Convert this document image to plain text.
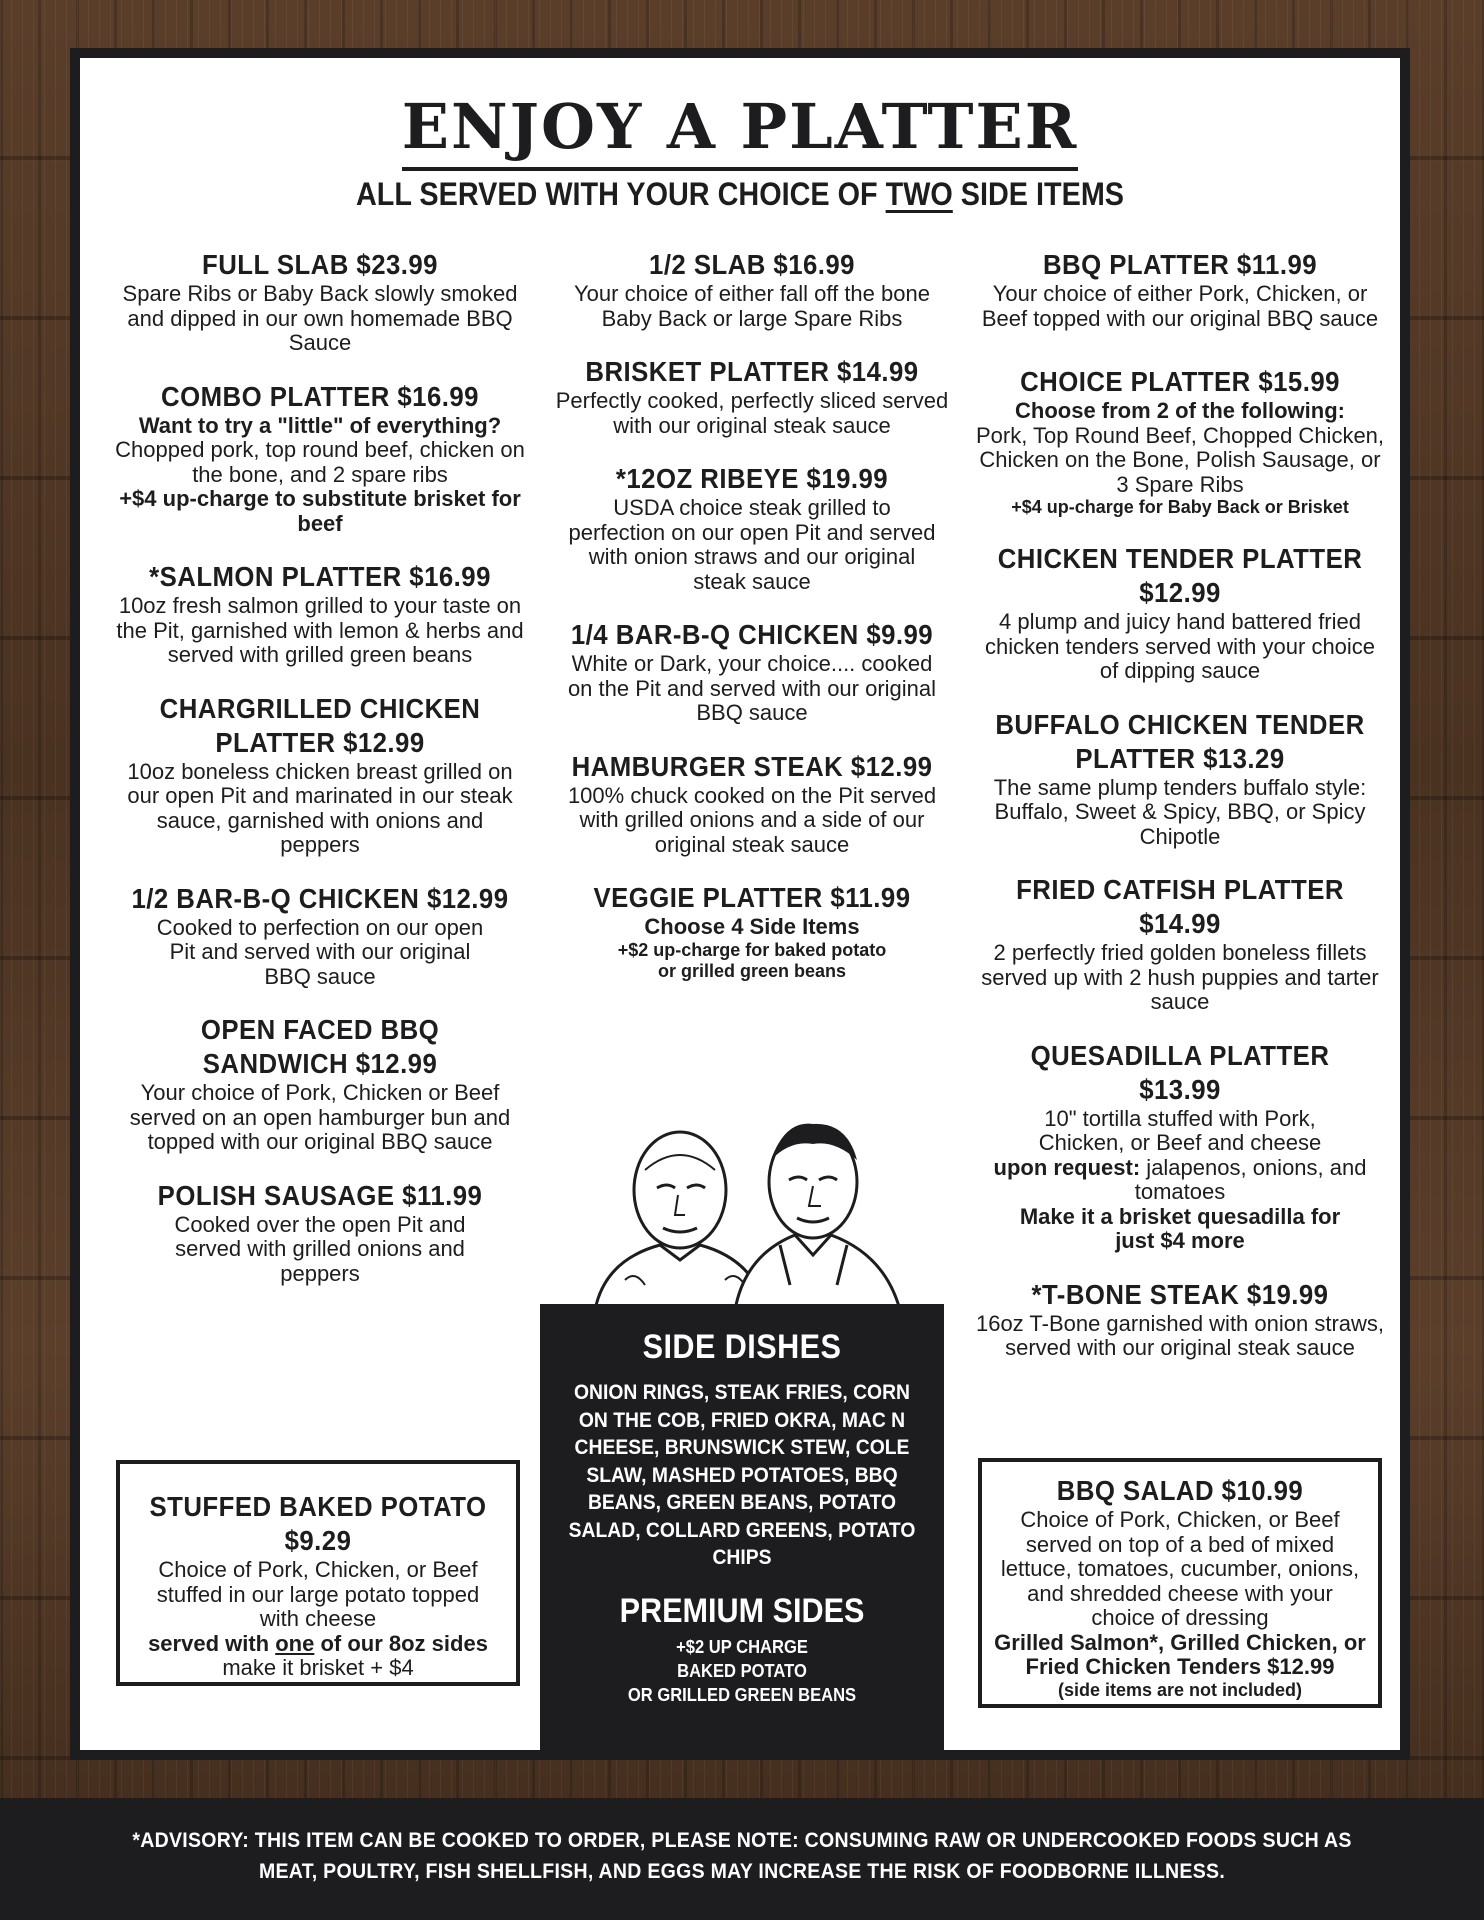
ENJOY A PLATTER
ALL SERVED WITH YOUR CHOICE OF TWO SIDE ITEMS
FULL SLAB $23.99
Spare Ribs or Baby Back slowly smoked and dipped in our own homemade BBQ Sauce
COMBO PLATTER $16.99
Want to try a "little" of everything?
Chopped pork, top round beef, chicken on the bone, and 2 spare ribs
+$4 up-charge to substitute brisket for beef
*SALMON PLATTER $16.99
10oz fresh salmon grilled to your taste on the Pit, garnished with lemon & herbs and served with grilled green beans
CHARGRILLED CHICKEN PLATTER $12.99
10oz boneless chicken breast grilled on our open Pit and marinated in our steak sauce, garnished with onions and peppers
1/2 BAR-B-Q CHICKEN $12.99
Cooked to perfection on our open Pit and served with our original BBQ sauce
OPEN FACED BBQ SANDWICH $12.99
Your choice of Pork, Chicken or Beef served on an open hamburger bun and topped with our original BBQ sauce
POLISH SAUSAGE $11.99
Cooked over the open Pit and served with grilled onions and peppers
1/2 SLAB $16.99
Your choice of either fall off the bone Baby Back or large Spare Ribs
BRISKET PLATTER $14.99
Perfectly cooked, perfectly sliced served with our original steak sauce
*12OZ RIBEYE $19.99
USDA choice steak grilled to perfection on our open Pit and served with onion straws and our original steak sauce
1/4 BAR-B-Q CHICKEN $9.99
White or Dark, your choice.... cooked on the Pit and served with our original BBQ sauce
HAMBURGER STEAK $12.99
100% chuck cooked on the Pit served with grilled onions and a side of our original steak sauce
VEGGIE PLATTER $11.99
Choose 4 Side Items
+$2 up-charge for baked potato or grilled green beans
BBQ PLATTER $11.99
Your choice of either Pork, Chicken, or Beef topped with our original BBQ sauce
CHOICE PLATTER $15.99
Choose from 2 of the following:
Pork, Top Round Beef, Chopped Chicken, Chicken on the Bone, Polish Sausage, or 3 Spare Ribs
+$4 up-charge for Baby Back or Brisket
CHICKEN TENDER PLATTER $12.99
4 plump and juicy hand battered fried chicken tenders served with your choice of dipping sauce
BUFFALO CHICKEN TENDER PLATTER $13.29
The same plump tenders buffalo style: Buffalo, Sweet & Spicy, BBQ, or Spicy Chipotle
FRIED CATFISH PLATTER $14.99
2 perfectly fried golden boneless fillets served up with 2 hush puppies and tarter sauce
QUESADILLA PLATTER $13.99
10" tortilla stuffed with Pork, Chicken, or Beef and cheese
upon request: jalapenos, onions, and tomatoes
Make it a brisket quesadilla for just $4 more
*T-BONE STEAK $19.99
16oz T-Bone garnished with onion straws, served with our original steak sauce
STUFFED BAKED POTATO
$9.29
Choice of Pork, Chicken, or Beef stuffed in our large potato topped with cheese
served with one of our 8oz sides
make it brisket + $4
SIDE DISHES
ONION RINGS, STEAK FRIES, CORN ON THE COB, FRIED OKRA, MAC N CHEESE, BRUNSWICK STEW, COLE SLAW, MASHED POTATOES, BBQ BEANS, GREEN BEANS, POTATO SALAD, COLLARD GREENS, POTATO CHIPS
PREMIUM SIDES
+$2 UP CHARGE
BAKED POTATO
OR GRILLED GREEN BEANS
BBQ SALAD $10.99
Choice of Pork, Chicken, or Beef served on top of a bed of mixed lettuce, tomatoes, cucumber, onions, and shredded cheese with your choice of dressing
Grilled Salmon*, Grilled Chicken, or Fried Chicken Tenders $12.99
(side items are not included)
*ADVISORY: THIS ITEM CAN BE COOKED TO ORDER, PLEASE NOTE: CONSUMING RAW OR UNDERCOOKED FOODS SUCH AS MEAT, POULTRY, FISH SHELLFISH, AND EGGS MAY INCREASE THE RISK OF FOODBORNE ILLNESS.
